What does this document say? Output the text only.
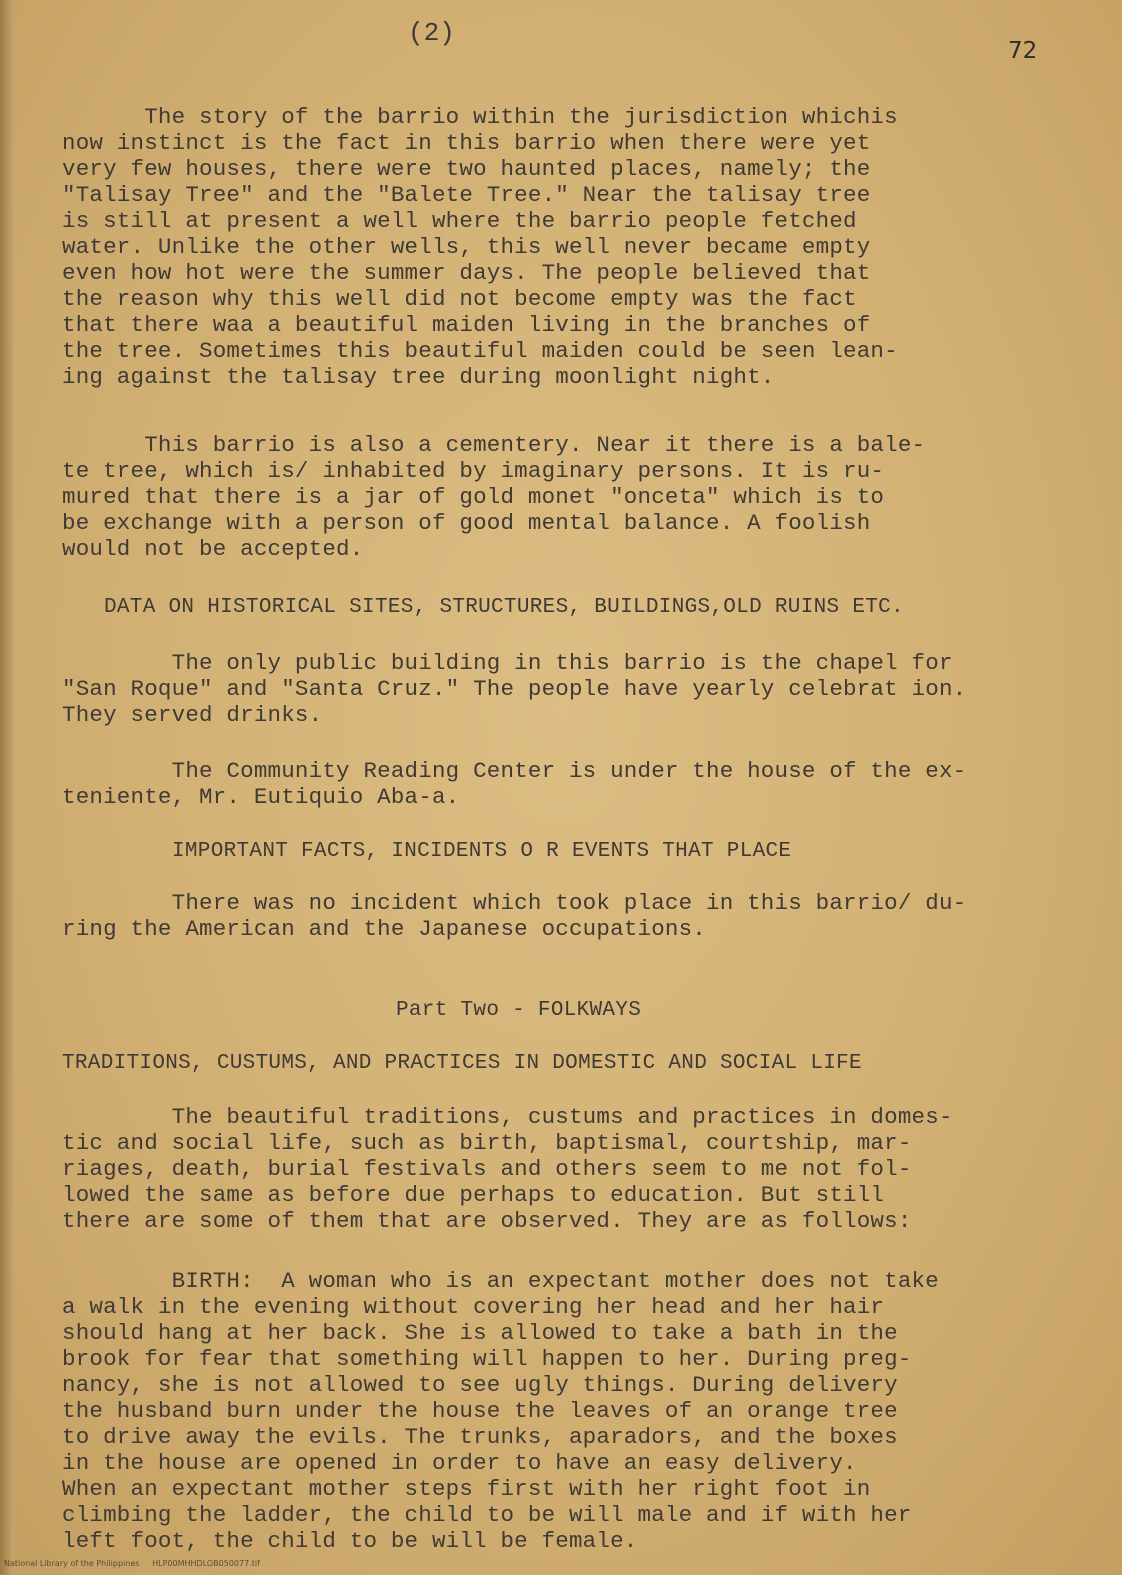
(2)
72
The story of the barrio within the jurisdiction whichis
now instinct is the fact in this barrio when there were yet
very few houses, there were two haunted places, namely; the
"Talisay Tree" and the "Balete Tree." Near the talisay tree
is still at present a well where the barrio people fetched
water. Unlike the other wells, this well never became empty
even how hot were the summer days. The people believed that
the reason why this well did not become empty was the fact
that there waa a beautiful maiden living in the branches of
the tree. Sometimes this beautiful maiden could be seen lean-
ing against the talisay tree during moonlight night.
This barrio is also a cementery. Near it there is a bale-
te tree, which is/ inhabited by imaginary persons. It is ru-
mured that there is a jar of gold monet "onceta" which is to
be exchange with a person of good mental balance. A foolish
would not be accepted.
DATA ON HISTORICAL SITES, STRUCTURES, BUILDINGS,OLD RUINS ETC.
The only public building in this barrio is the chapel for
"San Roque" and "Santa Cruz." The people have yearly celebrat ion.
They served drinks.
The Community Reading Center is under the house of the ex-
teniente, Mr. Eutiquio Aba-a.
IMPORTANT FACTS, INCIDENTS O R EVENTS THAT PLACE
There was no incident which took place in this barrio/ du-
ring the American and the Japanese occupations.
Part Two - FOLKWAYS
TRADITIONS, CUSTUMS, AND PRACTICES IN DOMESTIC AND SOCIAL LIFE
The beautiful traditions, custums and practices in domes-
tic and social life, such as birth, baptismal, courtship, mar-
riages, death, burial festivals and others seem to me not fol-
lowed the same as before due perhaps to education. But still
there are some of them that are observed. They are as follows:
BIRTH:  A woman who is an expectant mother does not take
a walk in the evening without covering her head and her hair
should hang at her back. She is allowed to take a bath in the
brook for fear that something will happen to her. During preg-
nancy, she is not allowed to see ugly things. During delivery
the husband burn under the house the leaves of an orange tree
to drive away the evils. The trunks, aparadors, and the boxes
in the house are opened in order to have an easy delivery.
When an expectant mother steps first with her right foot in
climbing the ladder, the child to be will male and if with her
left foot, the child to be will be female.
National Library of the Philippines     HLP00MHHDLOB050077.tif
